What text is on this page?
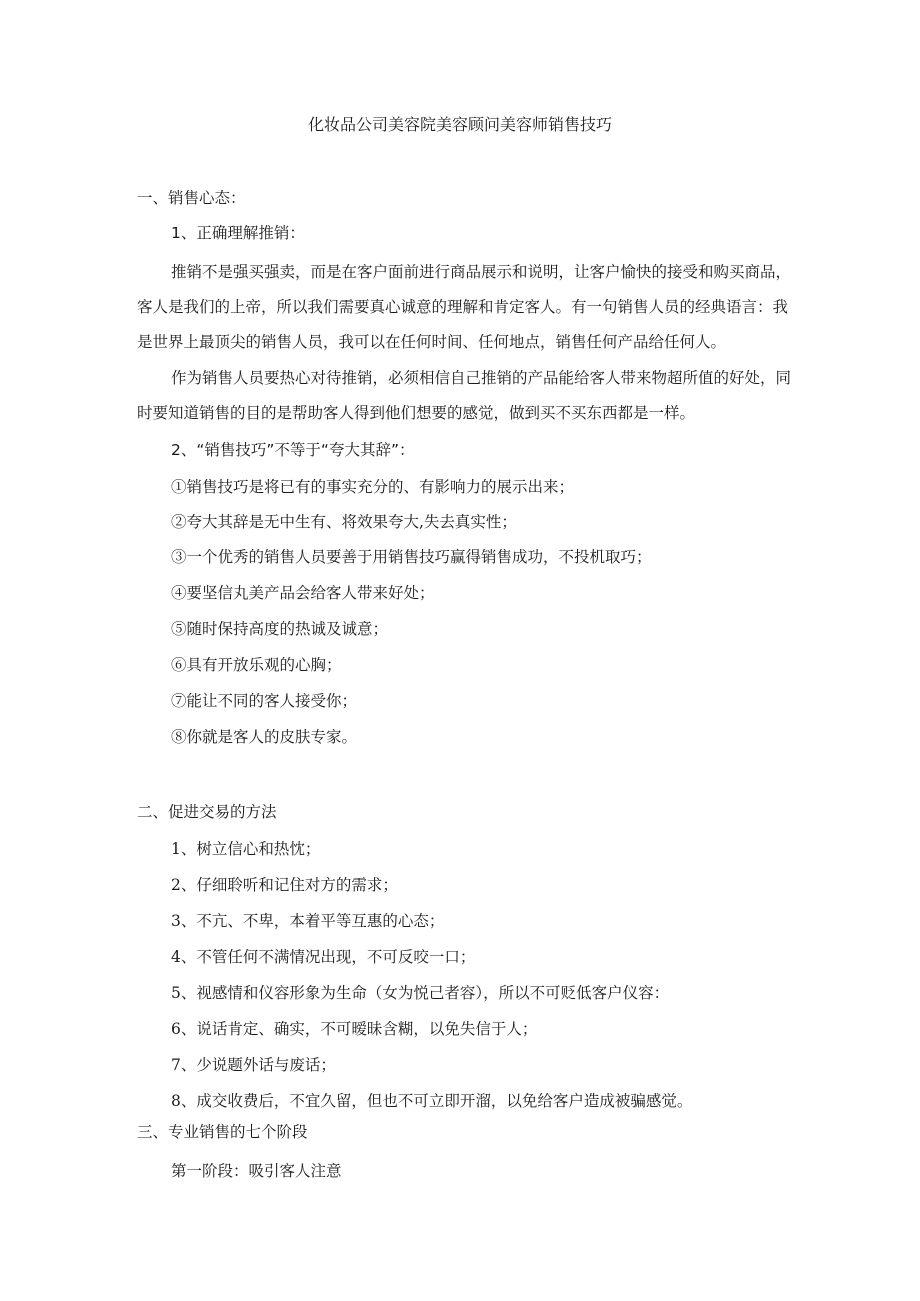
化妆品公司美容院美容顾问美容师销售技巧
一、销售心态：
1、正确理解推销：
推销不是强买强卖，而是在客户面前进行商品展示和说明，让客户愉快的接受和购买商品，
客人是我们的上帝，所以我们需要真心诚意的理解和肯定客人。有一句销售人员的经典语言：我
是世界上最顶尖的销售人员，我可以在任何时间、任何地点，销售任何产品给任何人。
作为销售人员要热心对待推销，必须相信自己推销的产品能给客人带来物超所值的好处，同
时要知道销售的目的是帮助客人得到他们想要的感觉，做到买不买东西都是一样。
2、“销售技巧”不等于“夸大其辞”：
①销售技巧是将已有的事实充分的、有影响力的展示出来；
②夸大其辞是无中生有、将效果夸大,失去真实性；
③一个优秀的销售人员要善于用销售技巧赢得销售成功，不投机取巧；
④要坚信丸美产品会给客人带来好处；
⑤随时保持高度的热诚及诚意；
⑥具有开放乐观的心胸；
⑦能让不同的客人接受你；
⑧你就是客人的皮肤专家。
二、促进交易的方法
1、树立信心和热忱；
2、仔细聆听和记住对方的需求；
3、不亢、不卑，本着平等互惠的心态；
4、不管任何不满情况出现，不可反咬一口；
5、视感情和仪容形象为生命（女为悦己者容），所以不可贬低客户仪容：
6、说话肯定、确实，不可暧昧含糊，以免失信于人；
7、少说题外话与废话；
8、成交收费后，不宜久留，但也不可立即开溜，以免给客户造成被骗感觉。
三、专业销售的七个阶段
第一阶段：吸引客人注意
